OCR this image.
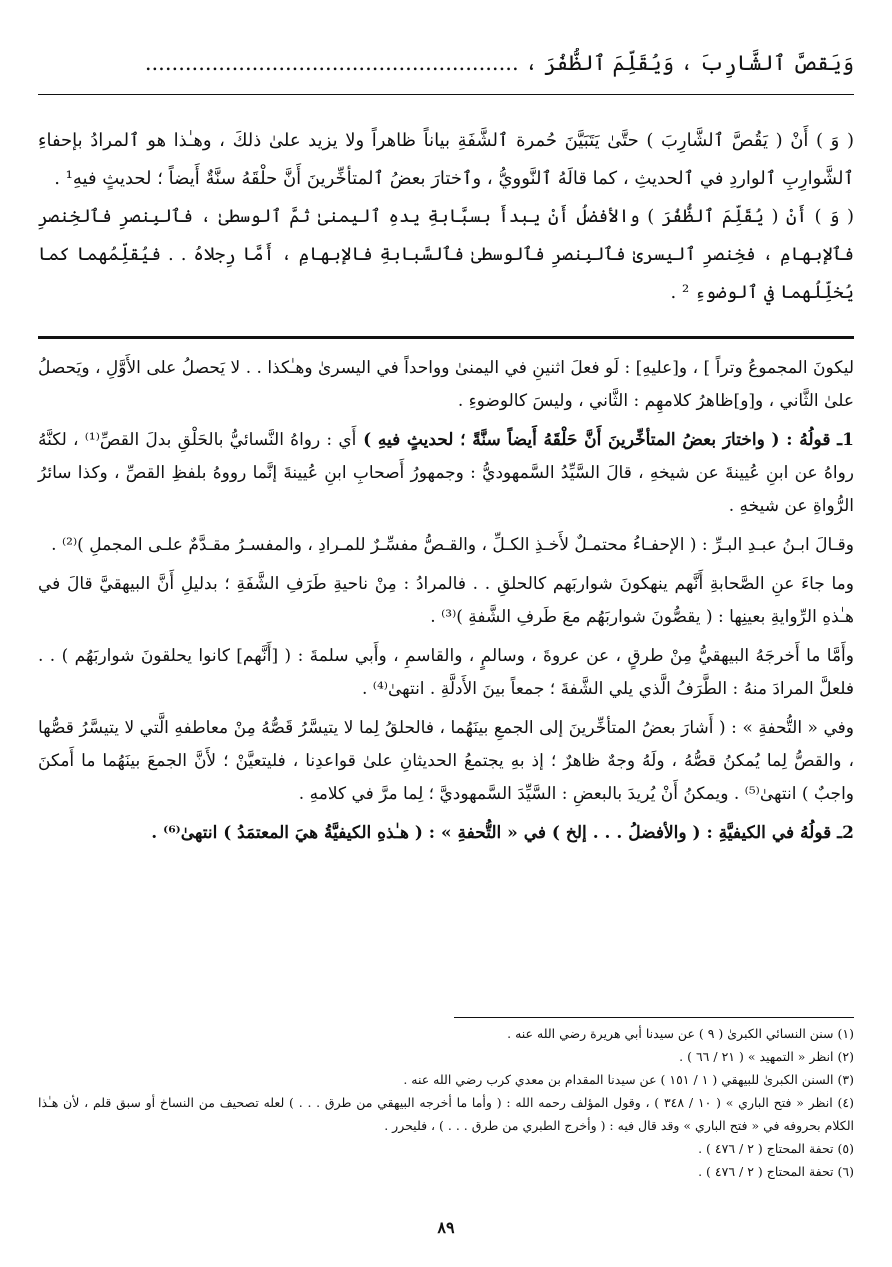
وَيَقصَّ ٱلشَّارِبَ ، وَيُقَلِّمَ ٱلظُّفُرَ ، ........................................................

( وَ ) أَنْ ( يَقُصَّ ٱلشَّارِبَ ) حتَّىٰ يَتَبَيَّنَ حُمرة ٱلشَّفَةِ بياناً ظاهراً ولا يزيد علىٰ ذلكَ ، وهـٰذا هو ٱلمرادُ بإحفاءِ ٱلشَّوارِبِ ٱلواردِ في ٱلحديثِ ، كما قالَهُ ٱلنَّوويُّ ، وٱختارَ بعضُ ٱلمتأخِّرينَ أَنَّ حلْقَهُ سنَّةٌ أَيضاً ؛ لحديثٍ فيهِ¹ .

( وَ ) أَنْ ( يُقَلِّمَ ٱلظُّفُرَ ) والأفضلُ أَنْ يبدأَ بسبَّابةِ يدهِ ٱليمنىٰ ثمَّ ٱلوسطىٰ ، فٱلبِنصرِ فٱلخِنصرِ فٱلإبهامِ ، فخِنصرِ ٱليسرىٰ فٱلبِنصرِ فٱلوسطىٰ فٱلسَّبابةِ فالإبهامِ ، أَمَّا رِجلاهُ . . فيُقلِّمُهما كما يُخلِّلُهما في ٱلوضوءِ ² .

ليكونَ المجموعُ وتراً ] ، و[عليهِ] : لَو فعلَ اثنينِ في اليمنىٰ وواحداً في اليسرىٰ وهـٰكذا . . لا يَحصلُ على الأَوَّلِ ، ويَحصلُ علىٰ الثَّاني ، و[و]ظاهرُ كلامهِم : الثَّاني ، وليسَ كالوضوءِ .

1ـ قولُهُ : ( واختارَ بعضُ المتأخِّرينَ أَنَّ حَلْقَهُ أَيضاً سنَّةً ؛ لحديثٍ فيهِ ) أَي : رواهُ النَّسائيُّ بالحَلْقِ بدلَ القصِّ⁽¹⁾ ، لكنَّهُ رواهُ عن ابنِ عُيينةَ عن شيخهِ ، قالَ السَّيِّدُ السَّمهوديُّ : وجمهورُ أَصحابِ ابنِ عُيينةَ إنَّما رووهُ بلفظِ القصِّ ، وكذا سائرُ الرُّواةِ عن شيخهِ .

وقـالَ ابـنُ عبـدِ البـرِّ : ( الإحفـاءُ محتمـلٌ لأَخـذِ الكـلِّ ، والقـصُّ مفسِّـرٌ للمـرادِ ، والمفسـرُ مقـدَّمٌ علـى المجملِ )⁽²⁾ .

وما جاءَ عنِ الصَّحابةِ أَنَّهم ينهكونَ شواربَهم كالحلقِ . . فالمرادُ : مِنْ ناحيةِ طَرَفِ الشَّفَةِ ؛ بدليلِ أَنَّ البيهقيَّ قالَ في هـٰذهِ الرِّوايةِ بعينِها : ( يقصُّونَ شواربَهُم معَ طَرفِ الشَّفةِ )⁽³⁾ .

وأَمَّا ما أَخرجَهُ البيهقيُّ مِنْ طرقٍ ، عن عروةَ ، وسالمٍ ، والقاسمِ ، وأَبي سلمةَ : ( [أَنَّهم] كانوا يحلقونَ شواربَهُم ) . . فلعلَّ المرادَ منهُ : الطَّرَفُ الَّذي يلي الشَّفةَ ؛ جمعاً بينَ الأَدلَّةِ . انتهىٰ⁽⁴⁾ .

وفي « التُّحفةِ » : ( أَشارَ بعضُ المتأخِّرينَ إلى الجمعِ بينَهُما ، فالحلقُ لِما لا يتيسَّرُ قَصُّهُ مِنْ معاطفهِ الَّتي لا يتيسَّرُ قصُّها ، والقصُّ لِما يُمكنُ قصُّهُ ، ولَهُ وجهٌ ظاهرٌ ؛ إذ بهِ يجتمعُ الحديثانِ علىٰ قواعدِنا ، فليتعيَّنْ ؛ لأَنَّ الجمعَ بينَهُما ما أَمكنَ واجبٌ ) انتهىٰ⁽⁵⁾ . ويمكنُ أَنْ يُريدَ بالبعضِ : السَّيِّدَ السَّمهوديَّ ؛ لِما مرَّ في كلامهِ .

2ـ قولُهُ في الكيفيَّةِ : ( والأفضلُ . . . إلخ ) في « التُّحفةِ » : ( هـٰذهِ الكيفيَّةُ هيَ المعتمَدُ ) انتهىٰ⁽⁶⁾ .

(١) سنن النسائي الكبرىٰ ( ٩ ) عن سيدنا أبي هريرة رضي الله عنه .

(٢) انظر « التمهيد » ( ٢١ / ٦٦ ) .

(٣) السنن الكبرىٰ للبيهقي ( ١ / ١٥١ ) عن سيدنا المقدام بن معدي كرب رضي الله عنه .

(٤) انظر « فتح الباري » ( ١٠ / ٣٤٨ ) ، وقول المؤلف رحمه الله : ( وأما ما أخرجه البيهقي من طرق . . . ) لعله تصحيف من النساخ أو سبق قلم ، لأن هـٰذا الكلام بحروفه في « فتح الباري » وقد قال فيه : ( وأخرج الطبري من طرق . . . ) ، فليحرر .

(٥) تحفة المحتاج ( ٢ / ٤٧٦ ) .

(٦) تحفة المحتاج ( ٢ / ٤٧٦ ) .

٨٩
